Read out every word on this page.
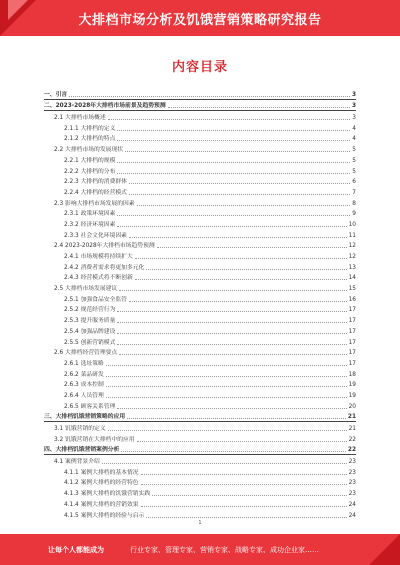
大排档市场分析及饥饿营销策略研究报告
内容目录
一、引言	3
二、2023-2028年大排档市场前景及趋势预测	3
2.1 大排档市场概述	3
2.1.1 大排档的定义	4
2.1.2 大排档的特点	4
2.2 大排档市场的发展现状	5
2.2.1 大排档的规模	5
2.2.2 大排档的分布	5
2.2.3 大排档的消费群体	6
2.2.4 大排档的经营模式	7
2.3 影响大排档市场发展的因素	8
2.3.1 政策环境因素	9
2.3.2 经济环境因素	10
2.3.3 社会文化环境因素	11
2.4 2023-2028年大排档市场趋势预测	12
2.4.1 市场规模将持续扩大	12
2.4.2 消费者需求将更加多元化	13
2.4.3 经营模式将不断创新	14
2.5 大排档市场发展建议	15
2.5.1 加强食品安全监管	16
2.5.2 规范经营行为	17
2.5.3 提升服务质量	17
2.5.4 加强品牌建设	17
2.5.5 创新营销模式	17
2.6 大排档经营管理要点	17
2.6.1 选址策略	17
2.6.2 菜品研发	18
2.6.3 成本控制	19
2.6.4 人员管理	19
2.6.5 顾客关系管理	20
三、大排档饥饿营销策略的应用	21
3.1 饥饿营销的定义	21
3.2 饥饿营销在大排档中的应用	22
四、大排档饥饿营销案例分析	22
4.1 案例背景介绍	23
4.1.1 案例大排档的基本情况	23
4.1.2 案例大排档的经营特色	23
4.1.3 案例大排档的饥饿营销实践	23
4.1.4 案例大排档的营销效果	24
4.1.5 案例大排档的经验与启示	24
1
让每个人都能成为	行业专家、管理专家、营销专家、战略专家、成功企业家……
